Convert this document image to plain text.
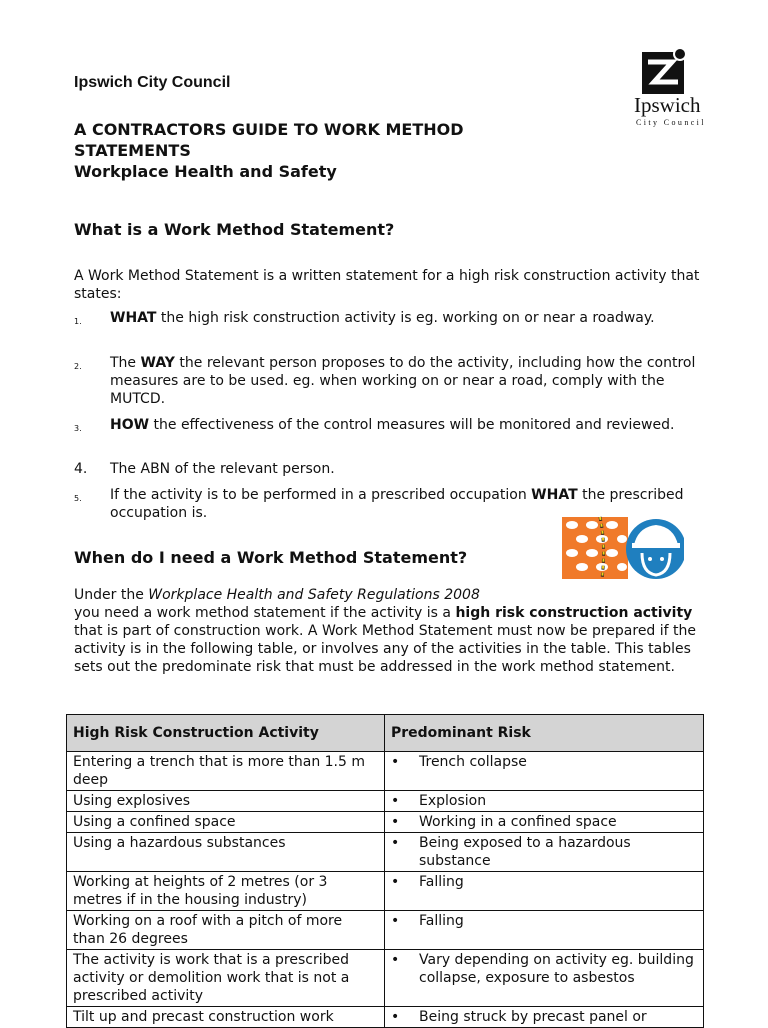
Ipswich City Council
A CONTRACTORS GUIDE TO WORK METHOD
STATEMENTS
Workplace Health and Safety
Ipswich
City Council
What is a Work Method Statement?
A Work Method Statement is a written statement for a high risk construction activity that states:
1. WHAT the high risk construction activity is eg. working on or near a roadway.
2. The WAY the relevant person proposes to do the activity, including how the control measures are to be used. eg. when working on or near a road, comply with the MUTCD.
3. HOW the effectiveness of the control measures will be monitored and reviewed.
4. The ABN of the relevant person.
5. If the activity is to be performed in a prescribed occupation WHAT the prescribed occupation is.
When do I need a Work Method Statement?
Under the Workplace Health and Safety Regulations 2008
you need a work method statement if the activity is a high risk construction activity that is part of construction work. A Work Method Statement must now be prepared if the activity is in the following table, or involves any of the activities in the table. This tables sets out the predominate risk that must be addressed in the work method statement.
High Risk Construction Activity	Predominant Risk
Entering a trench that is more than 1.5 m deep	• Trench collapse

Using explosives	• Explosion

Using a confined space	• Working in a confined space

Using a hazardous substances	• Being exposed to a hazardous substance

Working at heights of 2 metres (or 3 metres if in the housing industry)	• Falling

Working on a roof with a pitch of more than 26 degrees	• Falling

The activity is work that is a prescribed activity or demolition work that is not a prescribed activity	• Vary depending on activity eg. building collapse, exposure to asbestos

Tilt up and precast construction work	• Being struck by precast panel or
